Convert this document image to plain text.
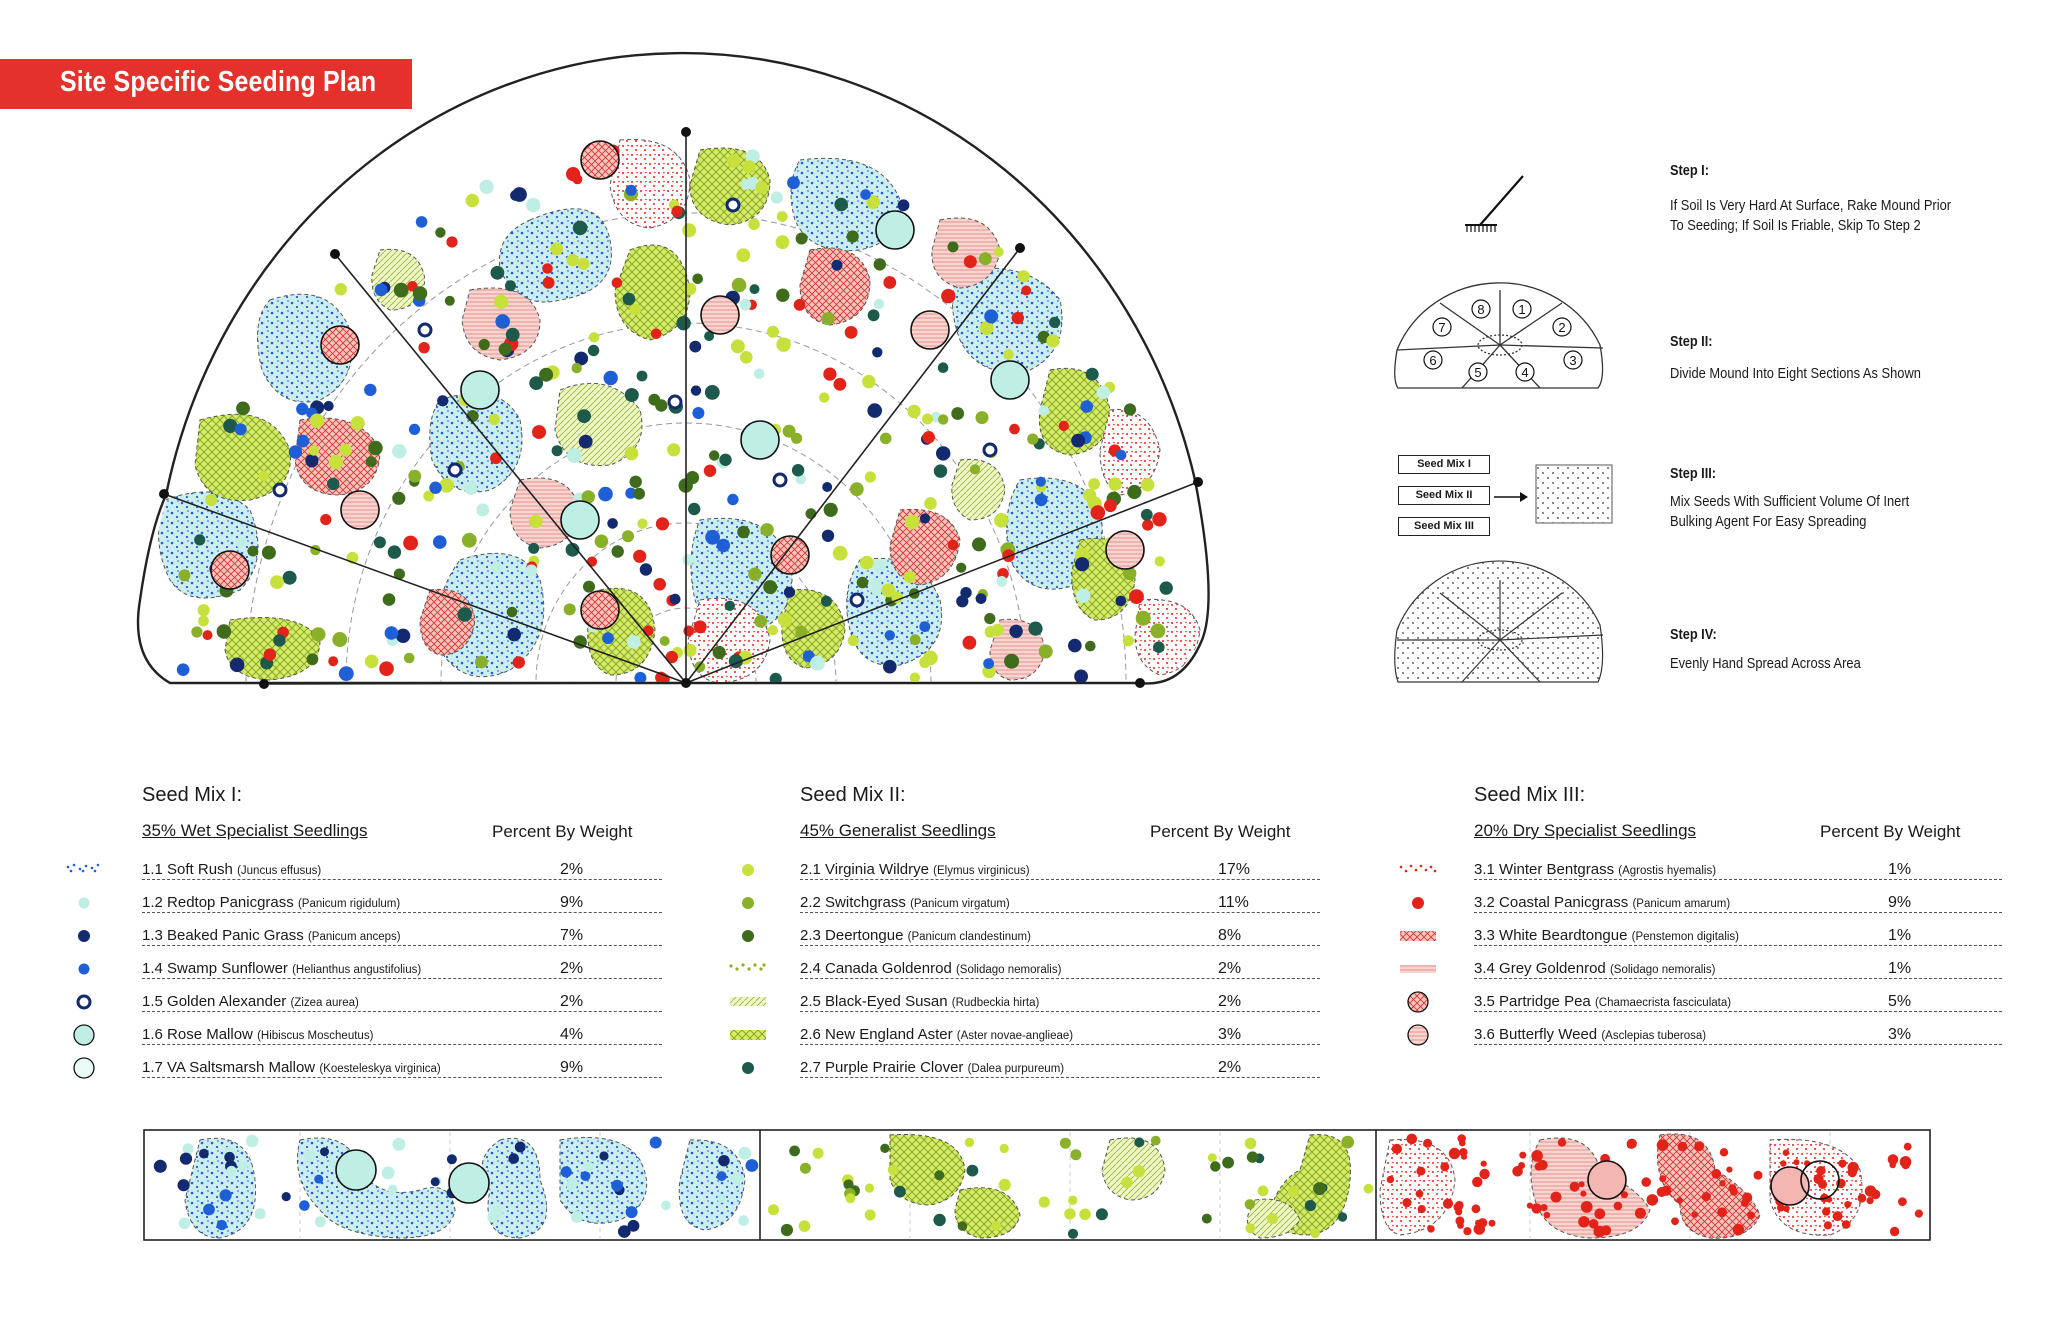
Site Specific Seeding Plan
1
2
3
4
5
6
7
8
Step I:
If Soil Is Very Hard At Surface, Rake Mound Prior
To Seeding; If Soil Is Friable, Skip To Step 2
Step II:
Divide Mound Into Eight Sections As Shown
Step III:
Mix Seeds With Sufficient Volume Of Inert
Bulking Agent For Easy Spreading
Step IV:
Evenly Hand Spread Across Area
Seed Mix I
Seed Mix II
Seed Mix III
Seed Mix I:
35% Wet Specialist Seedlings	Percent By Weight
1.1 Soft Rush (Juncus effusus)	2%
1.2 Redtop Panicgrass (Panicum rigidulum)	9%
1.3 Beaked Panic Grass (Panicum anceps)	7%
1.4 Swamp Sunflower (Helianthus angustifolius)	2%
1.5 Golden Alexander (Zizea aurea)	2%
1.6 Rose Mallow (Hibiscus Moscheutus)	4%
1.7 VA Saltsmarsh Mallow (Koesteleskya virginica)	9%
Seed Mix II:
45% Generalist Seedlings	Percent By Weight
2.1 Virginia Wildrye (Elymus virginicus)	17%
2.2 Switchgrass (Panicum virgatum)	11%
2.3 Deertongue (Panicum clandestinum)	8%
2.4 Canada Goldenrod (Solidago nemoralis)	2%
2.5 Black-Eyed Susan (Rudbeckia hirta)	2%
2.6 New England Aster (Aster novae-anglieae)	3%
2.7 Purple Prairie Clover (Dalea purpureum)	2%
Seed Mix III:
20% Dry Specialist Seedlings	Percent By Weight
3.1 Winter Bentgrass (Agrostis hyemalis)	1%
3.2 Coastal Panicgrass (Panicum amarum)	9%
3.3 White Beardtongue (Penstemon digitalis)	1%
3.4 Grey Goldenrod (Solidago nemoralis)	1%
3.5 Partridge Pea (Chamaecrista fasciculata)	5%
3.6 Butterfly Weed (Asclepias tuberosa)	3%
